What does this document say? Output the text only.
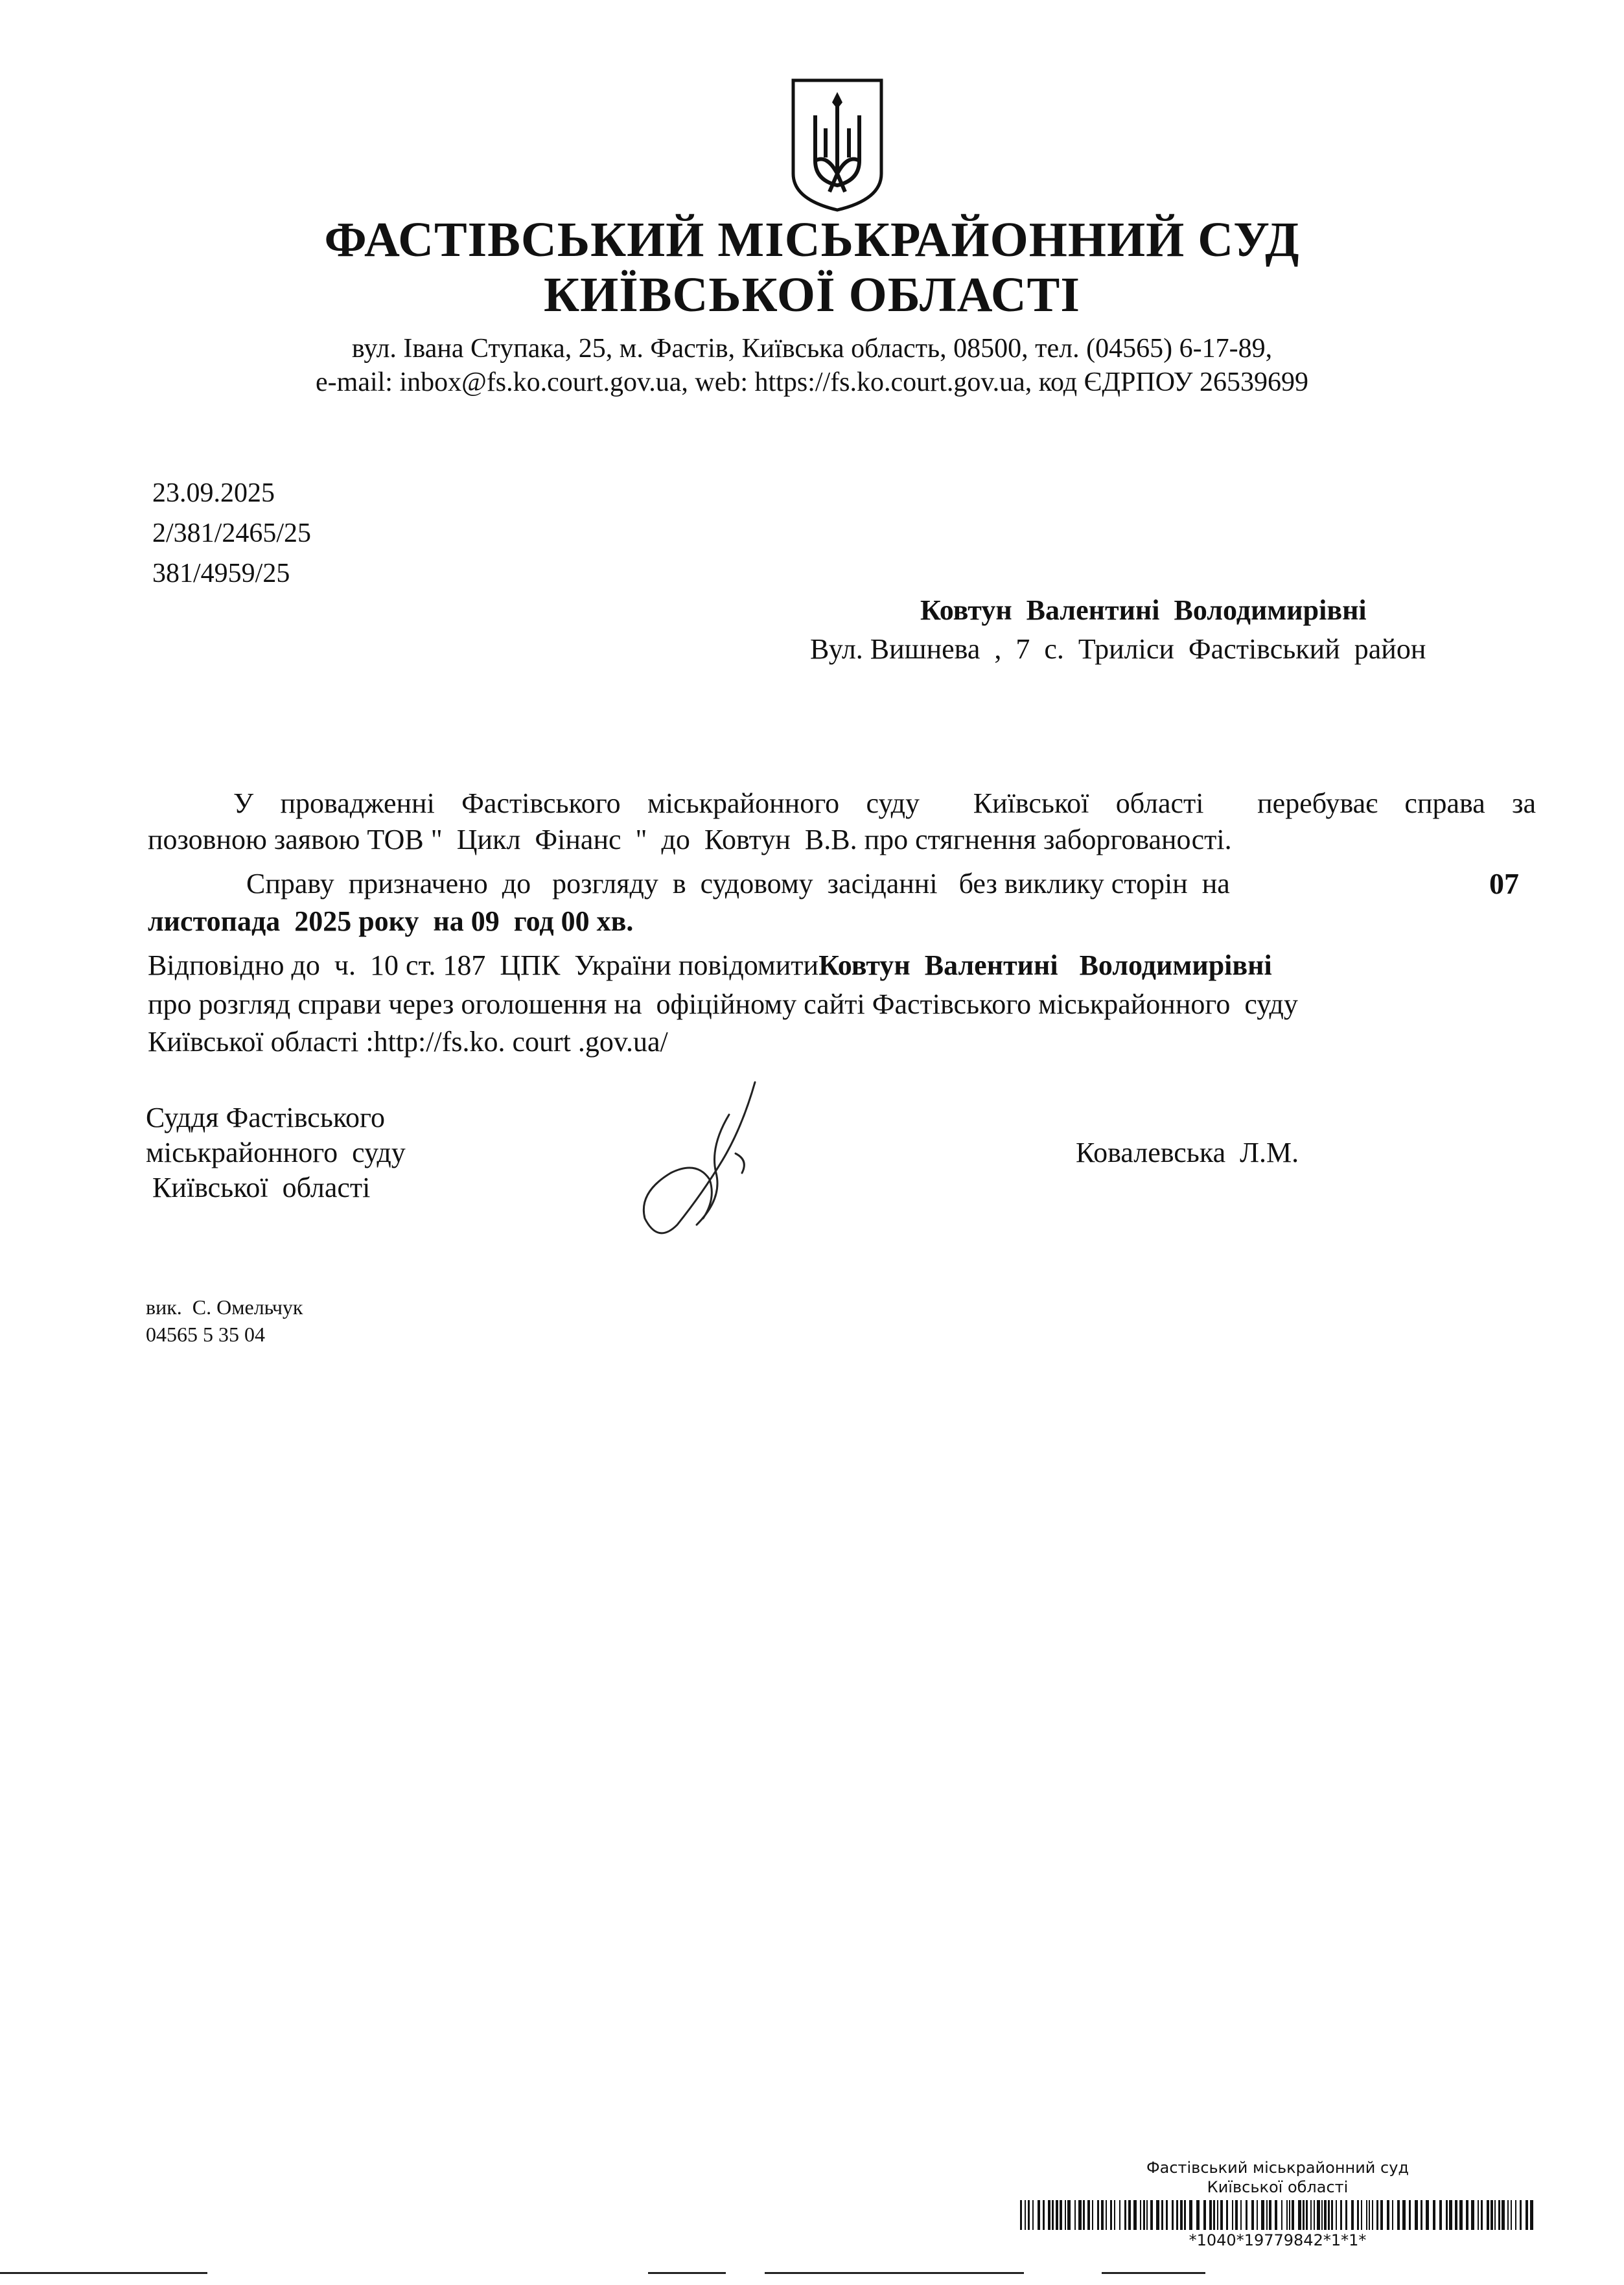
ФАСТІВСЬКИЙ МІСЬКРАЙОННИЙ СУД
КИЇВСЬКОЇ ОБЛАСТІ
вул. Івана Ступака, 25, м. Фастів, Київська область, 08500, тел. (04565) 6-17-89,
e-mail: inbox@fs.ko.court.gov.ua, web: https://fs.ko.court.gov.ua, код ЄДРПОУ 26539699
23.09.2025
2/381/2465/25
381/4959/25
Ковтун  Валентині  Володимирівні
Вул. Вишнева  ,  7  с.  Триліси  Фастівський  район
У провадженні Фастівського міськрайонного суду  Київської області  перебуває справа за
позовною заявою ТОВ "  Цикл  Фінанс  "  до  Ковтун  В.В. про стягнення заборгованості.
Справу  призначено  до   розгляду  в  судовому  засіданні   без виклику сторін  на	07
листопада  2025 року  на 09  год 00 хв.
Відповідно до  ч.  10 ст. 187  ЦПК  України повідомитиКовтун  Валентині   Володимирівні
про розгляд справи через оголошення на  офіційному сайті Фастівського міськрайонного  суду
Київської області :http://fs.ko. court .gov.ua/
Суддя Фастівського
міськрайонного  суду
Київської  області
Ковалевська  Л.М.
вик.  С. Омельчук
04565 5 35 04
Фастівський міськрайонний суд
Київської області
*1040*19779842*1*1*
